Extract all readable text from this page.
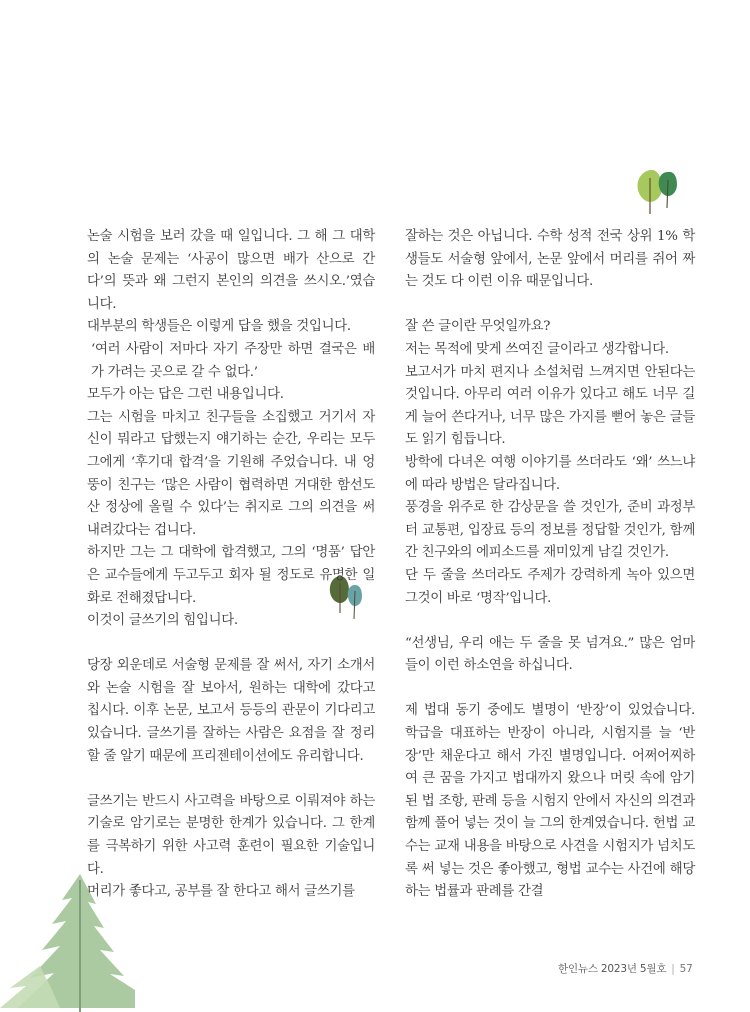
논술 시험을 보러 갔을 때 일입니다. 그 해 그 대학의 논술 문제는 ‘사공이 많으면 배가 산으로 간다’의 뜻과 왜 그런지 본인의 의견을 쓰시오.’였습니다.

대부분의 학생들은 이렇게 답을 했을 것입니다.

‘여러 사람이 저마다 자기 주장만 하면 결국은 배가 가려는 곳으로 갈 수 없다.’

모두가 아는 답은 그런 내용입니다.

그는 시험을 마치고 친구들을 소집했고 거기서 자신이 뭐라고 답했는지 얘기하는 순간, 우리는 모두 그에게 ‘후기대 합격’을 기원해 주었습니다. 내 엉뚱이 친구는 ‘많은 사람이 협력하면 거대한 함선도 산 정상에 올릴 수 있다’는 취지로 그의 의견을 써내려갔다는 겁니다.

하지만 그는 그 대학에 합격했고, 그의 ‘명품’ 답안은 교수들에게 두고두고 회자 될 정도로 유명한 일화로 전해졌답니다.

이것이 글쓰기의 힘입니다.

당장 외운데로 서술형 문제를 잘 써서, 자기 소개서와 논술 시험을 잘 보아서, 원하는 대학에 갔다고 칩시다. 이후 논문, 보고서 등등의 관문이 기다리고 있습니다. 글쓰기를 잘하는 사람은 요점을 잘 정리할 줄 알기 때문에 프리젠테이션에도 유리합니다.

글쓰기는 반드시 사고력을 바탕으로 이뤄져야 하는 기술로 암기로는 분명한 한계가 있습니다. 그 한계를 극복하기 위한 사고력 훈련이 필요한 기술입니다.

머리가 좋다고, 공부를 잘 한다고 해서 글쓰기를

잘하는 것은 아닙니다. 수학 성적 전국 상위 1% 학생들도 서술형 앞에서, 논문 앞에서 머리를 쥐어 짜는 것도 다 이런 이유 때문입니다.

잘 쓴 글이란 무엇일까요?

저는 목적에 맞게 쓰여진 글이라고 생각합니다.

보고서가 마치 편지나 소설처럼 느껴지면 안된다는 것입니다. 아무리 여러 이유가 있다고 해도 너무 길게 늘어 쓴다거나, 너무 많은 가지를 뻗어 놓은 글들도 읽기 힘듭니다.

방학에 다녀온 여행 이야기를 쓰더라도 ‘왜’ 쓰느냐에 따라 방법은 달라집니다.

풍경을 위주로 한 감상문을 쓸 것인가, 준비 과정부터 교통편, 입장료 등의 정보를 정답할 것인가, 함께 간 친구와의 에피소드를 재미있게 남길 것인가.

단 두 줄을 쓰더라도 주제가 강력하게 녹아 있으면 그것이 바로 ‘명작’입니다.

“선생님, 우리 애는 두 줄을 못 넘겨요.” 많은 엄마들이 이런 하소연을 하십니다.

제 법대 동기 중에도 별명이 ‘반장’이 있었습니다. 학급을 대표하는 반장이 아니라, 시험지를 늘 ‘반 장’만 채운다고 해서 가진 별명입니다. 어쩌어찌하여 큰 꿈을 가지고 법대까지 왔으나 머릿 속에 암기된 법 조항, 판례 등을 시험지 안에서 자신의 의견과 함께 풀어 넣는 것이 늘 그의 한계였습니다. 헌법 교수는 교재 내용을 바탕으로 사견을 시험지가 넘치도록 써 넣는 것은 좋아했고, 형법 교수는 사건에 해당하는 법률과 판례를 간결

한인뉴스 2023년 5월호 | 57
